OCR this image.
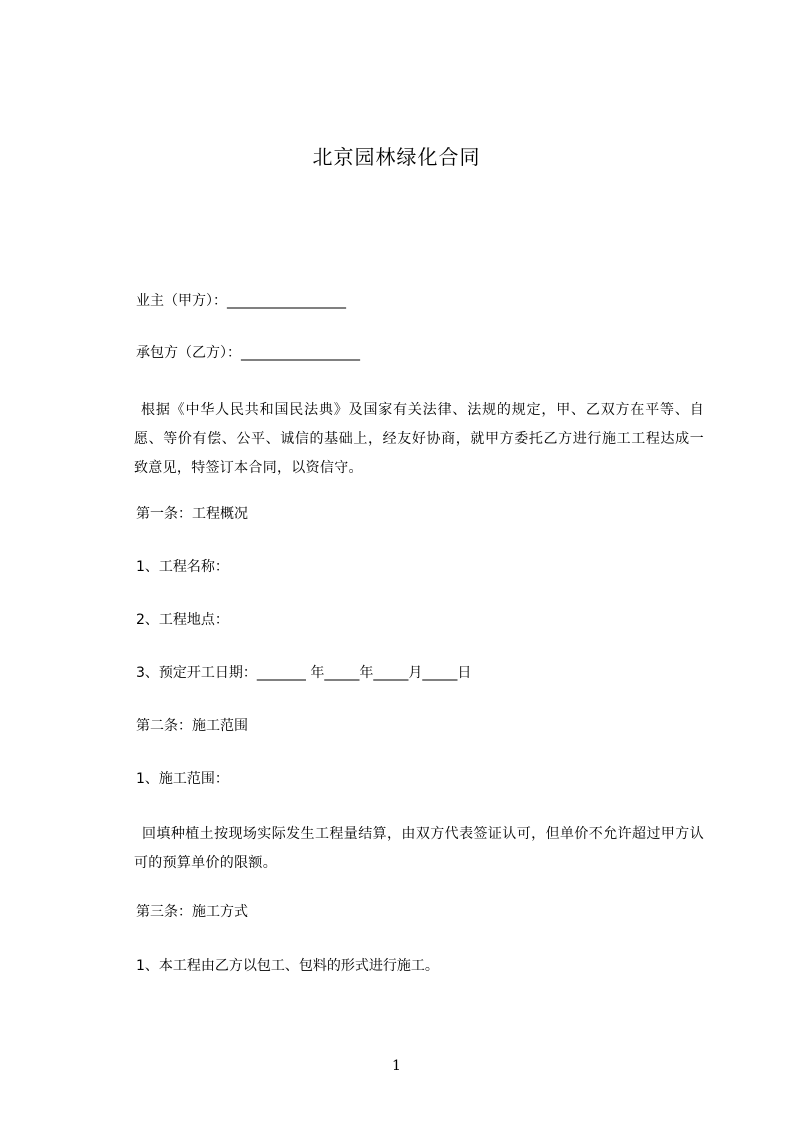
北京园林绿化合同
业主（甲方）：_________________
承包方（乙方）：_________________
根据《中华人民共和国民法典》及国家有关法律、法规的规定，甲、乙双方在平等、自愿、等价有偿、公平、诚信的基础上，经友好协商，就甲方委托乙方进行施工工程达成一致意见，特签订本合同，以资信守。
第一条：工程概况
1、工程名称：
2、工程地点：
3、预定开工日期：_______ 年_____年_____月_____日
第二条：施工范围
1、施工范围：
回填种植土按现场实际发生工程量结算，由双方代表签证认可，但单价不允许超过甲方认可的预算单价的限额。
第三条：施工方式
1、本工程由乙方以包工、包料的形式进行施工。
1
